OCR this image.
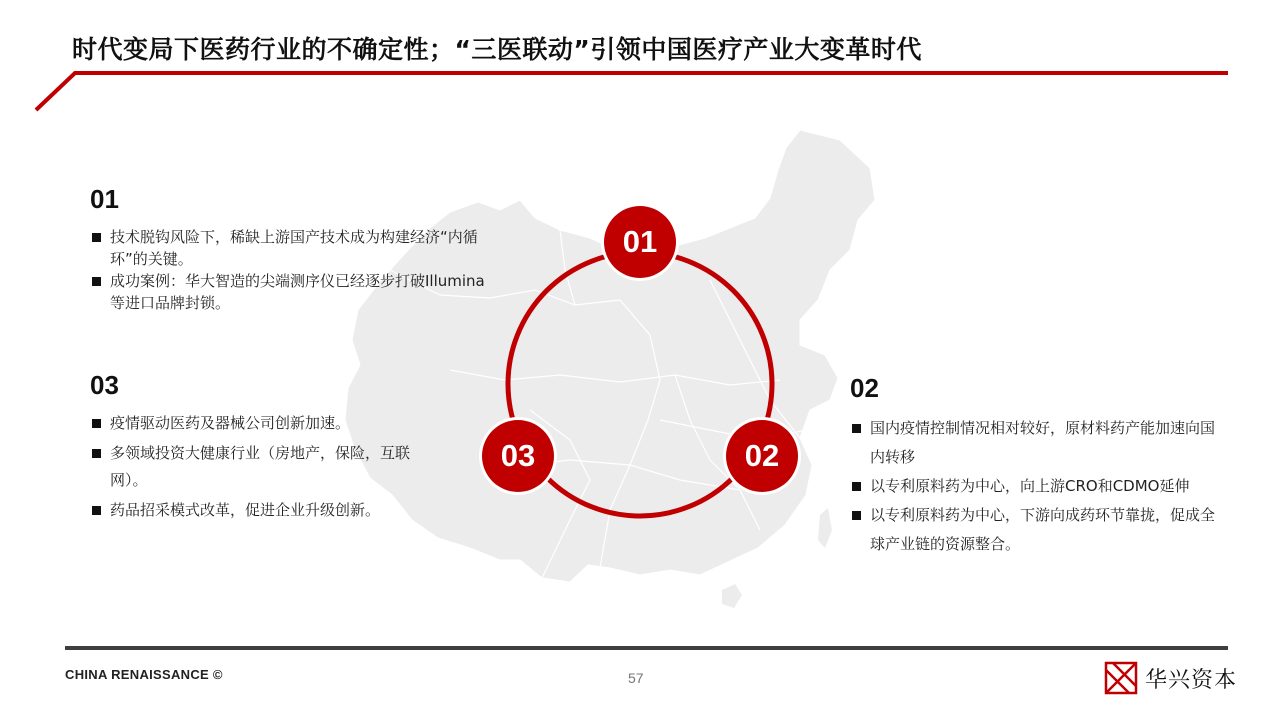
时代变局下医药行业的不确定性；“三医联动”引领中国医疗产业大变革时代
01
技术脱钩风险下，稀缺上游国产技术成为构建经济“内循环”的关键。
成功案例：华大智造的尖端测序仪已经逐步打破Illumina等进口品牌封锁。
03
疫情驱动医药及器械公司创新加速。
多领域投资大健康行业（房地产，保险，互联网）。
药品招采模式改革，促进企业升级创新。
02
国内疫情控制情况相对较好，原材料药产能加速向国内转移
以专利原料药为中心，向上游CRO和CDMO延伸
以专利原料药为中心，下游向成药环节靠拢，促成全球产业链的资源整合。
01
02
03
CHINA RENAISSANCE ©	57	华兴资本
